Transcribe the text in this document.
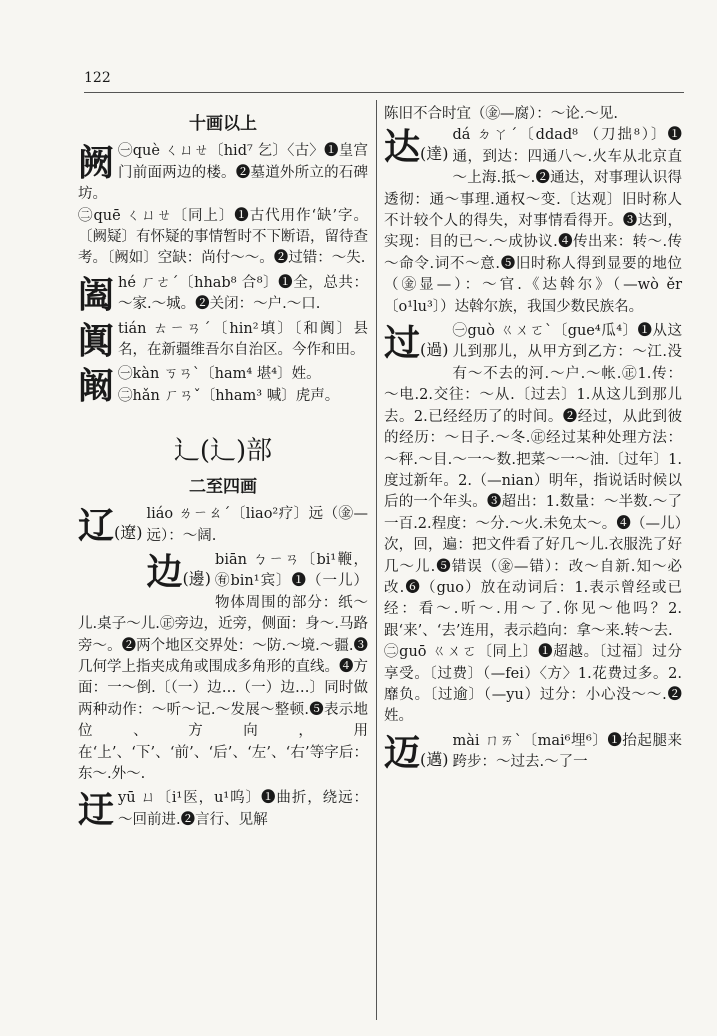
122
十画以上
阙 ㊀què ㄑㄩㄝ〔hid⁷ 乞〕〈古〉❶皇宫门前面两边的楼。❷墓道外所立的石碑坊。

㊁quē ㄑㄩㄝ〔同上〕❶古代用作‘缺’字。〔阙疑〕有怀疑的事情暂时不下断语，留待查考。〔阙如〕空缺：尚付～～。❷过错：～失.

阖 hé ㄏㄜˊ〔hhab⁸ 合⁸〕❶全，总共：～家.～城。❷关闭：～户.～口.

阗 tián ㄊㄧㄢˊ〔hin²填〕〔和阗〕县名，在新疆维吾尔自治区。今作和田。

阚 ㊀kàn ㄎㄢˋ〔ham⁴ 堪⁴〕姓。

㊁hǎn ㄏㄢˇ〔hham³ 喊〕虎声。

辶(辶)部
二至四画
辽(遼)

liáo ㄌㄧㄠˊ〔liao²疗〕远（㊎—远）：～阔.

边(邊)

biān ㄅㄧㄢ〔bi¹鞭，㊒bin¹宾〕❶（一儿）物体周围的部分：纸～儿.桌子～儿.㊣旁边，近旁，侧面：身～.马路旁～。❷两个地区交界处：～防.～境.～疆.❸几何学上指夹成角或围成多角形的直线。❹方面：一～倒.〔（一）边…（一）边…〕同时做两种动作：～听～记.～发展～整顿.❺表示地位、方向，用在‘上’、‘下’、‘前’、‘后’、‘左’、‘右’等字后：东～.外～.

迂 yū ㄩ〔i¹医，u¹呜〕❶曲折，绕远：～回前进.❷言行、见解

陈旧不合时宜（㊎—腐）：～论.～见.

达(達)

dá ㄉㄚˊ〔ddad⁸ （刀拙⁸）〕❶通，到达：四通八～.火车从北京直～上海.抵～.❷通达，对事理认识得透彻：通～事理.通权～变.〔达观〕旧时称人不计较个人的得失，对事情看得开。❸达到，实现：目的已～.～成协议.❹传出来：转～.传～命令.词不～意.❺旧时称人得到显要的地位（㊎显—）：～官.《达斡尔》（—wò ěr〔o¹lu³〕）达斡尔族，我国少数民族名。

过(過)

㊀guò ㄍㄨㄛˋ〔gue⁴瓜⁴〕❶从这儿到那儿，从甲方到乙方：～江.没有～不去的河.～户.～帐.㊣1.传：～电.2.交往：～从.〔过去〕1.从这儿到那儿去。2.已经经历了的时间。❷经过，从此到彼的经历：～日子.～冬.㊣经过某种处理方法：～秤.～目.～一～数.把菜～一～油.〔过年〕1.度过新年。2.（—nian）明年，指说话时候以后的一个年头。❸超出：1.数量：～半数.～了一百.2.程度：～分.～火.未免太～。❹（—儿）次，回，遍：把文件看了好几～儿.衣服洗了好几～儿.❺错误（㊎—错）：改～自新.知～必改.❻（guo）放在动词后：1.表示曾经或已经：看～.听～.用～了.你见～他吗？2.跟‘来’、‘去’连用，表示趋向：拿～来.转～去.

㊁guō ㄍㄨㄛ〔同上〕❶超越。〔过福〕过分享受。〔过费〕（—fei）〈方〉1.花费过多。2.靡负。〔过逾〕（—yu）过分：小心没～～.❷姓。

迈(邁)

mài ㄇㄞˋ〔mai⁶埋⁶〕❶抬起腿来跨步：～过去.～了一
